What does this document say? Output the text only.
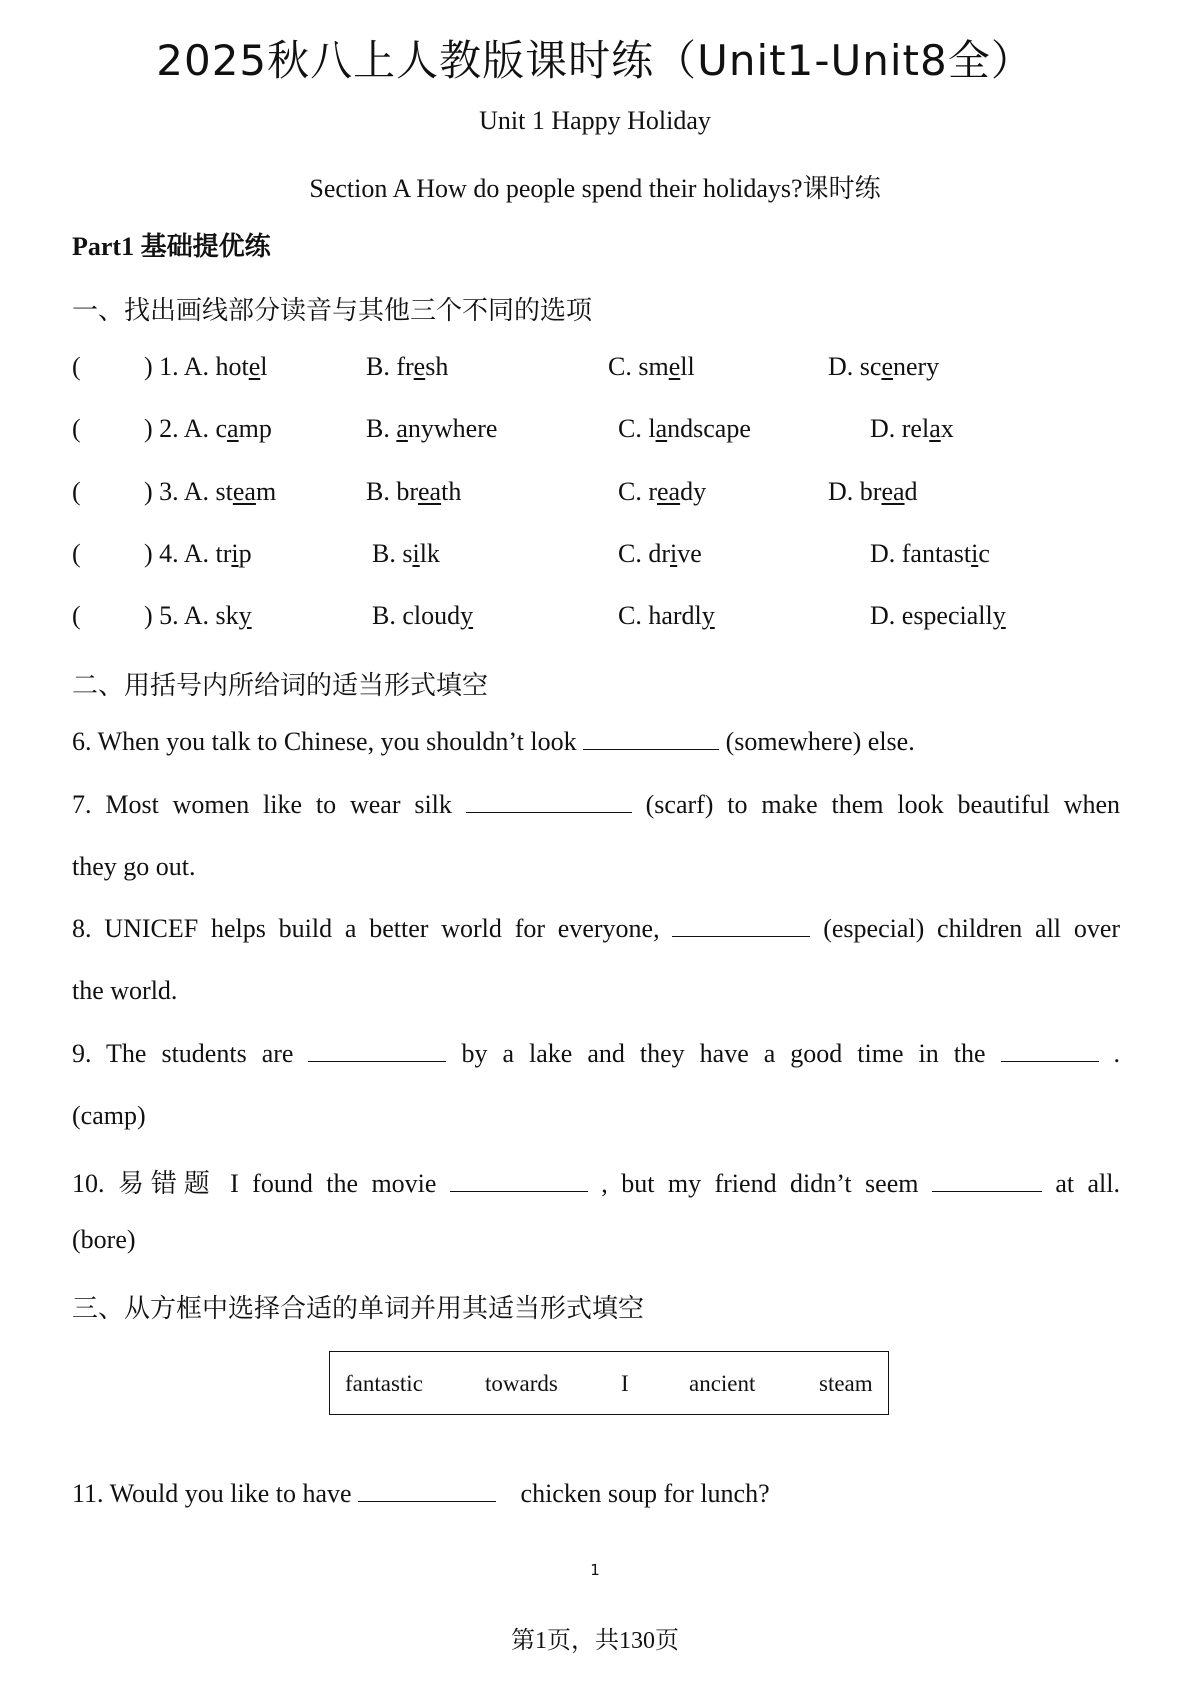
2025秋八上人教版课时练（Unit1-Unit8全）
Unit 1 Happy Holiday
Section A How do people spend their holidays?课时练
Part1 基础提优练
一、找出画线部分读音与其他三个不同的选项
( ) 1. A. hotel	B. fresh	C. smell	D. scenery
( ) 2. A. camp	B. anywhere	C. landscape	D. relax
( ) 3. A. steam	B. breath	C. ready	D. bread
( ) 4. A. trip	B. silk	C. drive	D. fantastic
( ) 5. A. sky	B. cloudy	C. hardly	D. especially
二、用括号内所给词的适当形式填空
6. When you talk to Chinese, you shouldn’t look	(somewhere) else.
7. Most women like to wear silk	(scarf) to make them look beautiful when
they go out.
8. UNICEF helps build a better world for everyone,	(especial) children all over
the world.
9. The students are	by a lake and they have a good time in the	.
(camp)
10. 易错题 I found the movie	, but my friend didn’t seem	at all.
(bore)
三、从方框中选择合适的单词并用其适当形式填空
fantastic	towards	I	ancient	steam
11. Would you like to have	chicken soup for lunch?
1
第1页，共130页
